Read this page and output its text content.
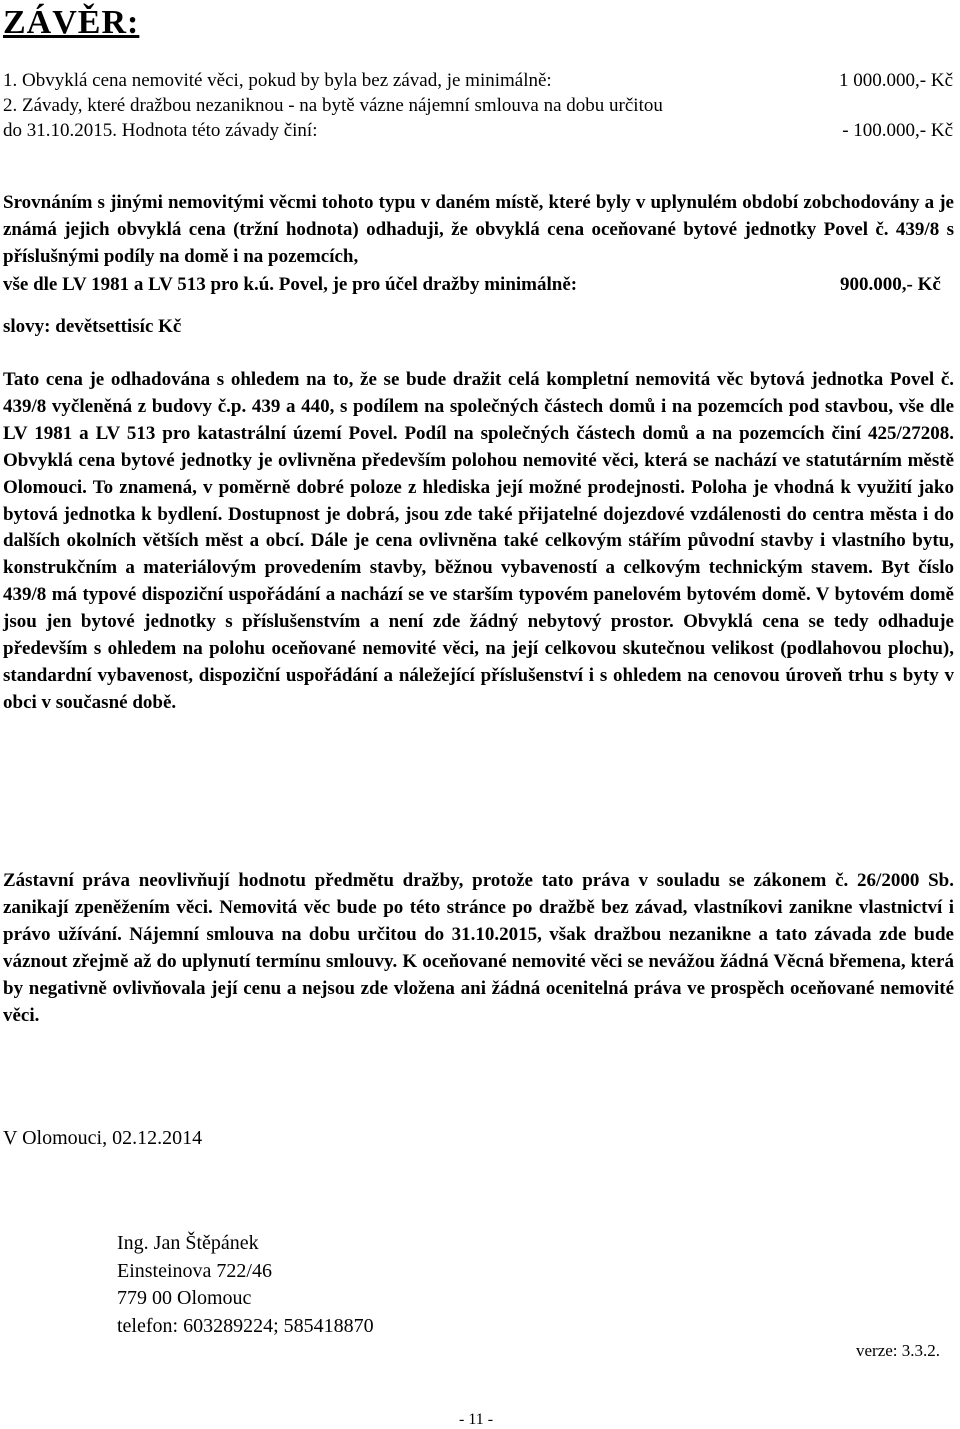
ZÁVĚR:
1. Obvyklá cena nemovité věci, pokud by byla bez závad, je minimálně:	1 000.000,- Kč
2. Závady, které dražbou nezaniknou - na bytě vázne nájemní smlouva na dobu určitou
do 31.10.2015. Hodnota této závady činí:	- 100.000,- Kč
Srovnáním s jinými nemovitými věcmi tohoto typu v daném místě, které byly v uplynulém období zobchodovány a je známá jejich obvyklá cena (tržní hodnota) odhaduji, že obvyklá cena oceňované bytové jednotky Povel č. 439/8 s příslušnými podíly na domě i na pozemcích,
vše dle LV 1981 a LV 513 pro k.ú. Povel, je pro účel dražby minimálně:	900.000,- Kč
slovy: devětsettisíc Kč
Tato cena je odhadována s ohledem na to, že se bude dražit celá kompletní nemovitá věc bytová jednotka Povel č. 439/8 vyčleněná z budovy č.p. 439 a 440, s podílem na společných částech domů i na pozemcích pod stavbou, vše dle LV 1981 a LV 513 pro katastrální území Povel. Podíl na společných částech domů a na pozemcích činí 425/27208. Obvyklá cena bytové jednotky je ovlivněna především polohou nemovité věci, která se nachází ve statutárním městě Olomouci. To znamená, v poměrně dobré poloze z hlediska její možné prodejnosti. Poloha je vhodná k využití jako bytová jednotka k bydlení. Dostupnost je dobrá, jsou zde také přijatelné dojezdové vzdálenosti do centra města i do dalších okolních větších měst a obcí. Dále je cena ovlivněna také celkovým stářím původní stavby i vlastního bytu, konstrukčním a materiálovým provedením stavby, běžnou vybaveností a celkovým technickým stavem. Byt číslo 439/8 má typové dispoziční uspořádání a nachází se ve starším typovém panelovém bytovém domě. V bytovém domě jsou jen bytové jednotky s příslušenstvím a není zde žádný nebytový prostor. Obvyklá cena se tedy odhaduje především s ohledem na polohu oceňované nemovité věci, na její celkovou skutečnou velikost (podlahovou plochu), standardní vybavenost, dispoziční uspořádání a náležející příslušenství i s ohledem na cenovou úroveň trhu s byty v obci v současné době.
Zástavní práva neovlivňují hodnotu předmětu dražby, protože tato práva v souladu se zákonem č. 26/2000 Sb. zanikají zpeněžením věci. Nemovitá věc bude po této stránce po dražbě bez závad, vlastníkovi zanikne vlastnictví i právo užívání. Nájemní smlouva na dobu určitou do 31.10.2015, však dražbou nezanikne a tato závada zde bude váznout zřejmě až do uplynutí termínu smlouvy. K oceňované nemovité věci se nevážou žádná Věcná břemena, která by negativně ovlivňovala její cenu a nejsou zde vložena ani žádná ocenitelná práva ve prospěch oceňované nemovité věci.
V Olomouci, 02.12.2014
Ing. Jan Štěpánek
Einsteinova 722/46
779 00 Olomouc
telefon: 603289224; 585418870
verze: 3.3.2.
- 11 -
